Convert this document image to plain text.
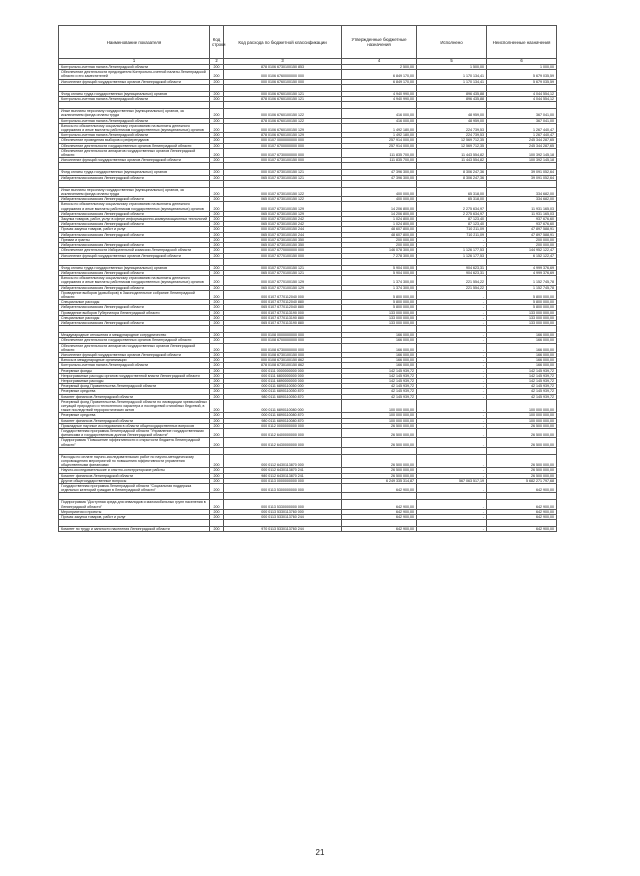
Наименование показателя	Код строки	Код расхода по бюджетной классификации	Утвержденные бюджетные назначения	Исполнено	Неисполненные назначения
1	2	3	4	5	6
Контрольно-счетная палата Ленинградской области	200	878 0106 6730100150 853	2 500,00	1 500,00	1 000,00
Обеспечение деятельности председателя Контрольно-счетной палаты Ленинградской области и его заместителей	200	000 0106 6760000000 000	6 849 170,00	1 170 134,41	5 679 035,59
Исполнение функций государственных органов Ленинградской области	200	000 0106 6760100150 000	6 849 170,00	1 170 134,41	5 679 035,59

Фонд оплаты труда государственных (муниципальных) органов	200	000 0106 6760100150 121	4 940 990,00	896 435,88	4 044 554,12
Контрольно-счетная палата Ленинградской области	200	878 0106 6760100150 121	4 940 990,00	896 435,88	4 044 554,12

Иные выплаты персоналу государственных (муниципальных) органов, за исключением фонда оплаты труда	200	000 0106 6760100150 122	416 000,00	48 959,00	367 041,00
Контрольно-счетная палата Ленинградской области	200	878 0106 6760100150 122	416 000,00	48 959,00	367 041,00
Взносы по обязательному социальному страхованию на выплаты денежного содержания и иные выплаты работникам государственных (муниципальных) органов	200	000 0106 6760100150 129	1 492 180,00	224 739,53	1 267 440,47
Контрольно-счетная палата Ленинградской области	200	878 0106 6760100150 129	1 492 180,00	224 739,53	1 267 440,47
Обеспечение проведения выборов и референдумов	200	000 0107 0000000000 000	257 914 000,00	12 569 712,35	245 344 287,65
Обеспечение деятельности государственных органов Ленинградской области	200	000 0107 6700000000 000	257 914 000,00	12 569 712,35	245 344 287,65
Обеспечение деятельности аппаратов государственных органов Ленинградской области	200	000 0107 6730000000 000	111 835 700,00	11 443 554,82	100 392 145,18
Исполнение функций государственных органов Ленинградской области	200	000 0107 6730100150 000	111 835 700,00	11 443 554,82	100 392 145,18

Фонд оплаты труда государственных (муниципальных) органов	200	000 0107 6730100150 121	47 396 300,00	8 306 247,36	39 091 052,64
Избирательная комиссия Ленинградской области	200	065 0107 6730100150 121	47 396 300,00	8 306 247,36	39 091 052,64

Иные выплаты персоналу государственных (муниципальных) органов, за исключением фонда оплаты труда	200	000 0107 6730100150 122	400 000,00	65 318,00	334 682,00
Избирательная комиссия Ленинградской области	200	065 0107 6730100150 122	400 000,00	65 318,00	334 682,00
Взносы по обязательному социальному страхованию на выплаты денежного содержания и иные выплаты работникам государственных (муниципальных) органов	200	000 0107 6730100150 129	14 206 800,00	2 275 634,97	11 931 165,03
Избирательная комиссия Ленинградской области	200	065 0107 6730100150 129	14 206 800,00	2 275 634,97	11 931 165,03
Закупка товаров, работ, услуг в сфере информационно-коммуникационных технологий	200	000 0107 6730100150 242	1 024 800,00	87 123,40	937 676,60
Избирательная комиссия Ленинградской области	200	065 0107 6730100150 242	1 024 800,00	87 123,40	937 676,60
Прочая закупка товаров, работ и услуг	200	000 0107 6730100150 244	48 607 800,00	710 211,09	47 897 588,91
Избирательная комиссия Ленинградской области	200	065 0107 6730100150 244	48 607 800,00	710 211,09	47 897 588,91
Премии и гранты	200	000 0107 6730100150 350	200 000,00	-	200 000,00
Избирательная комиссия Ленинградской области	200	065 0107 6730100150 350	200 000,00	-	200 000,00
Обеспечение деятельности Избирательной комиссии Ленинградской области	200	000 0107 6770000000 000	146 078 300,00	1 126 177,53	144 952 122,47
Исполнение функций государственных органов Ленинградской области	200	000 0107 6770100150 000	7 278 300,00	1 126 177,53	6 152 122,47

Фонд оплаты труда государственных (муниципальных) органов	200	000 0107 6770100150 121	5 904 000,00	904 623,31	4 999 376,69
Избирательная комиссия Ленинградской области	200	065 0107 6770100150 121	5 904 000,00	904 623,31	4 999 376,69
Взносы по обязательному социальному страхованию на выплаты денежного содержания и иные выплаты работникам государственных (муниципальных) органов	200	000 0107 6770100150 129	1 374 300,00	221 554,22	1 152 745,78
Избирательная комиссия Ленинградской области	200	065 0107 6770100150 129	1 374 300,00	221 554,22	1 152 745,78
Проведение выборов (довыборов) в Законодательное собрание Ленинградской области	200	000 0107 6770112040 000	5 800 000,00	-	5 800 000,00
Специальные расходы	200	000 0107 6770112040 880	5 800 000,00	-	5 800 000,00
Избирательная комиссия Ленинградской области	200	065 0107 6770112040 880	5 800 000,00	-	5 800 000,00
Проведение выборов Губернатора Ленинградской области	200	000 0107 6770113190 000	133 000 000,00	-	133 000 000,00
Специальные расходы	200	000 0107 6770113190 880	133 000 000,00	-	133 000 000,00
Избирательная комиссия Ленинградской области	200	065 0107 6770113190 880	133 000 000,00	-	133 000 000,00

Международные отношения и международное сотрудничество	200	000 0108 0000000000 000	166 000,00	-	166 000,00
Обеспечение деятельности государственных органов Ленинградской области	200	000 0108 6700000000 000	166 000,00	-	166 000,00
Обеспечение деятельности аппаратов государственных органов Ленинградской области	200	000 0108 6730000000 000	166 000,00	-	166 000,00
Исполнение функций государственных органов Ленинградской области	200	000 0108 6730100150 000	166 000,00	-	166 000,00
Взносы в международные организации	200	000 0108 6730100150 862	166 000,00	-	166 000,00
Контрольно-счетная палата Ленинградской области	200	878 0108 6730100150 862	166 000,00	-	166 000,00
Резервные фонды	200	000 0111 0000000000 000	142 145 939,72	-	142 145 939,72
Непрограммные расходы органов государственной власти Ленинградской области	200	000 0111 6800000000 000	142 145 939,72	-	142 145 939,72
Непрограммные расходы	200	000 0111 6890000000 000	142 145 939,72	-	142 145 939,72
Резервный фонд Правительства Ленинградской области	200	000 0111 6890110050 000	42 145 939,72	-	42 145 939,72
Резервные средства	200	000 0111 6890110050 870	42 145 939,72	-	42 145 939,72
Комитет финансов Ленинградской области	200	980 0111 6890110050 870	42 145 939,72	-	42 145 939,72
Резервный фонд Правительства Ленинградской области по ликвидации чрезвычайных ситуаций природного и техногенного характера и последствий стихийных бедствий, в также последствий террористических актов	200	000 0111 6890110080 000	100 000 000,00	-	100 000 000,00
Резервные средства	200	000 0111 6890110080 870	100 000 000,00	-	100 000 000,00
Комитет финансов Ленинградской области	200	980 0111 6890110080 870	100 000 000,00	-	100 000 000,00
Прикладные научные исследования в области общегосударственных вопросов	200	000 0112 0000000000 000	26 500 000,00	-	26 500 000,00
Государственная программа Ленинградской области "Управление государственными финансами и государственным долгом Ленинградской области"	200	000 0112 6400000000 000	26 500 000,00	-	26 500 000,00
Подпрограмма "Повышение эффективности и открытости бюджета Ленинградской области"	200	000 0112 6430000000 000	26 500 000,00	-	26 500 000,00

Расходы по оплате научно-исследовательских работ по научно-методическому сопровождению мероприятий по повышению эффективности управления общественными финансами	200	000 0112 6430113870 000	26 500 000,00	-	26 500 000,00
Научно-исследовательские и опытно-конструкторские работы	200	000 0112 6430113870 241	26 500 000,00	-	26 500 000,00
Комитет финансов Ленинградской области	200	980 0112 6430113870 241	26 500 000,00	-	26 500 000,00
Другие общегосударственные вопросы	200	000 0113 0000000000 000	6 249 335 314,87	567 063 517,19	5 682 271 797,68
Государственная программа Ленинградской области "Социальная поддержка отдельных категорий граждан в Ленинградской области"	200	000 0113 5300000000 000	642 900,00	-	642 900,00

Подпрограмма "Доступная среда для инвалидов и маломобильных групп населения в Ленинградской области"	200	000 0113 5330000000 000	642 900,00	-	642 900,00
Мероприятия и проекты	200	000 0113 5330113760 000	642 900,00	-	642 900,00
Прочая закупка товаров, работ и услуг	200	000 0113 5330113760 244	642 900,00	-	642 900,00

Комитет по труду и занятости населения Ленинградской области	200	970 0113 5330113760 244	642 900,00	-	642 900,00
21
